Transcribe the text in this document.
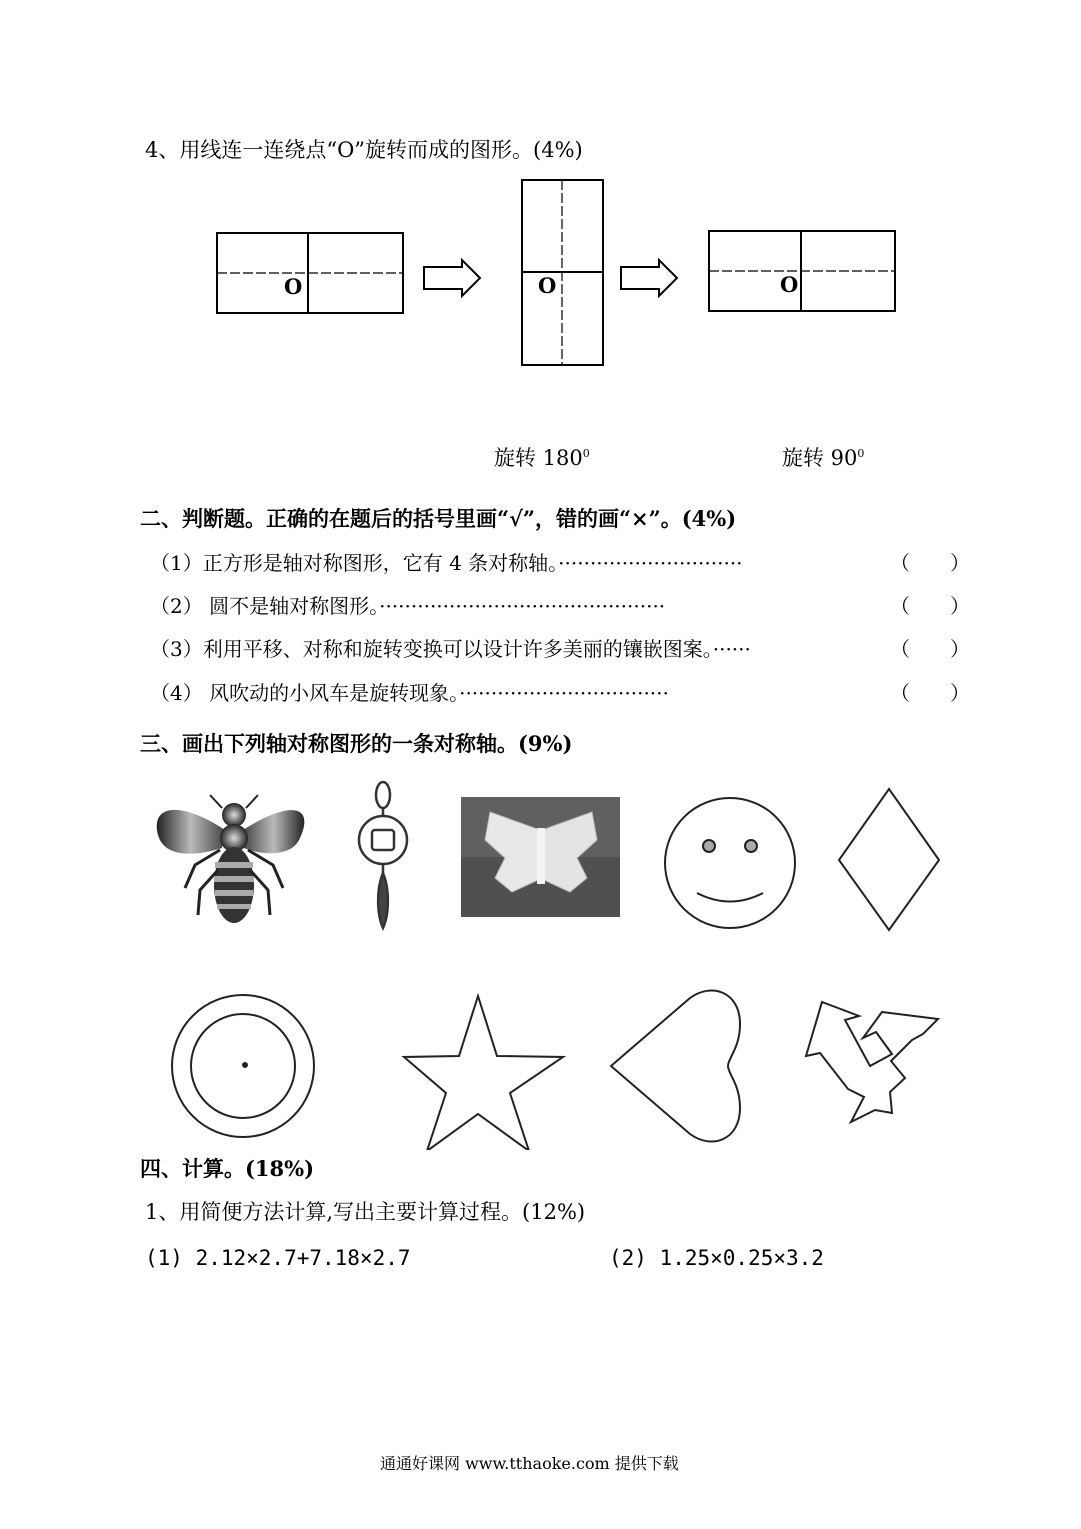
4、用线连一连绕点“O”旋转而成的图形。(4%)
O	O	O
旋转 $180^0$	旋转 $90^0$
二、判断题。正确的在题后的括号里画“√”，错的画“×”。(4%)
（1）正方形是轴对称图形，它有 4 条对称轴。·····························	（ ）
（2） 圆不是轴对称图形。·············································	（ ）
（3）利用平移、对称和旋转变换可以设计许多美丽的镶嵌图案。······	（ ）
（4） 风吹动的小风车是旋转现象。·································	（ ）
三、画出下列轴对称图形的一条对称轴。(9%)
四、计算。(18%)
1、用简便方法计算,写出主要计算过程。(12%)
(1) 2.12×2.7+7.18×2.7	(2) 1.25×0.25×3.2
通通好课网 www.tthaoke.com 提供下载
